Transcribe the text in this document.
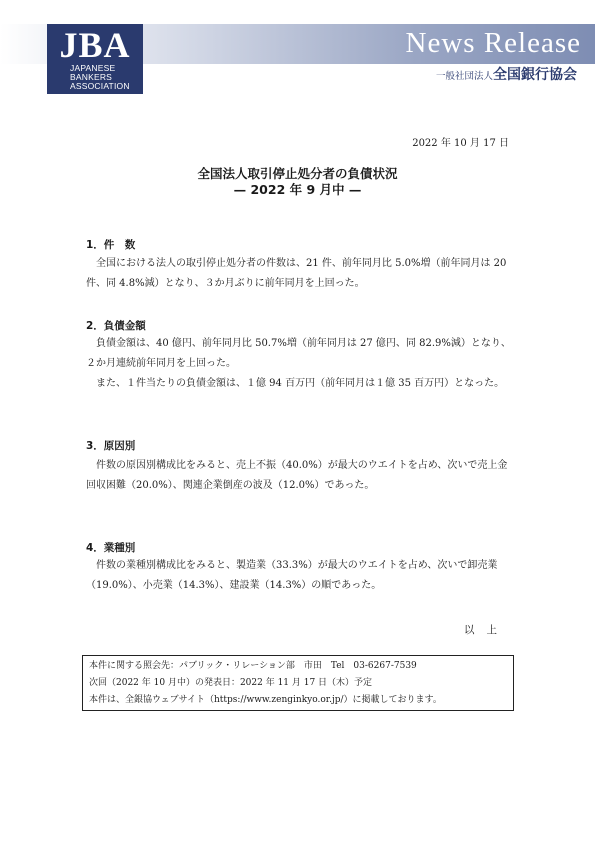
JBA
JAPANESE
BANKERS
ASSOCIATION
News Release
一般社団法人全国銀行協会
2022 年 10 月 17 日
全国法人取引停止処分者の負債状況
— 2022 年 9 月中 —
1．件　数

全国における法人の取引停止処分者の件数は、21 件、前年同月比 5.0%増（前年同月は 20 件、同 4.8%減）となり、３か月ぶりに前年同月を上回った。

2．負債金額

負債金額は、40 億円、前年同月比 50.7%増（前年同月は 27 億円、同 82.9%減）となり、２か月連続前年同月を上回った。

また、１件当たりの負債金額は、１億 94 百万円（前年同月は１億 35 百万円）となった。

3．原因別

件数の原因別構成比をみると、売上不振（40.0%）が最大のウエイトを占め、次いで売上金回収困難（20.0%）、関連企業倒産の波及（12.0%）であった。

4．業種別

件数の業種別構成比をみると、製造業（33.3%）が最大のウエイトを占め、次いで卸売業（19.0%）、小売業（14.3%）、建設業（14.3%）の順であった。

以上
本件に関する照会先：パブリック・リレーション部　市田　Tel　03-6267-7539
次回（2022 年 10 月中）の発表日：2022 年 11 月 17 日（木）予定
本件は、全銀協ウェブサイト（https://www.zenginkyo.or.jp/）に掲載しております。
